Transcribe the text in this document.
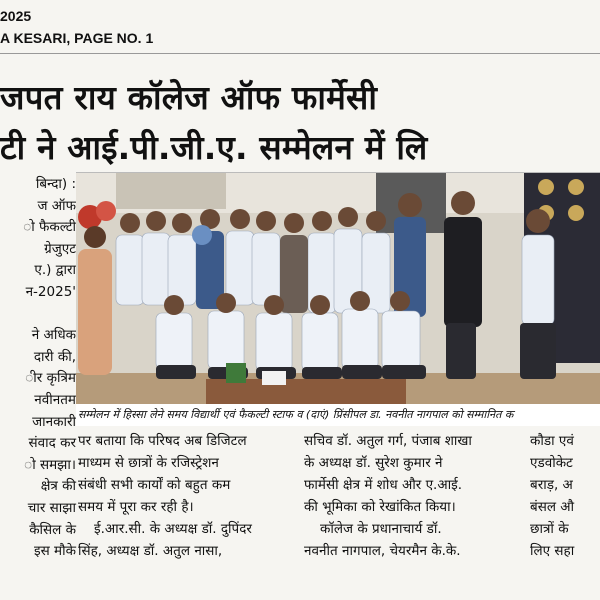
2025
A KESARI, PAGE NO. 1
जपत राय कॉलेज ऑफ फार्मेसी
टी ने आई.पी.जी.ए. सम्मेलन में लि
बिन्दा) :
ज ऑफ
ो फैकल्टी
ग्रेजुएट
ए.) द्वारा
न-2025'

ने अधिक
दारी की,
ीर कृत्रिम
नवीनतम
जानकारी
संवाद कर
ो समझा।
क्षेत्र की
चार साझा
कैसिल के
इस मौके
सम्मेलन में हिस्सा लेने समय विद्यार्थी एवं फैकल्टी स्टाफ व (दाएं) प्रिंसीपल डा. नवनीत नागपाल को सम्मानित क
पर बताया कि परिषद अब डिजिटल
माध्यम से छात्रों के रजिस्ट्रेशन
संबंधी सभी कार्यों को बहुत कम
समय में पूरा कर रही है।
ई.आर.सी. के अध्यक्ष डॉ. दुपिंदर
सिंह, अध्यक्ष डॉ. अतुल नासा,
सचिव डॉ. अतुल गर्ग, पंजाब शाखा
के अध्यक्ष डॉ. सुरेश कुमार ने
फार्मेसी क्षेत्र में शोध और ए.आई.
की भूमिका को रेखांकित किया।
कॉलेज के प्रधानाचार्य डॉ.
नवनीत नागपाल, चेयरमैन के.के.
कौडा एवं
एडवोकेट
बराड़, अ
बंसल औ
छात्रों के
लिए सहा
